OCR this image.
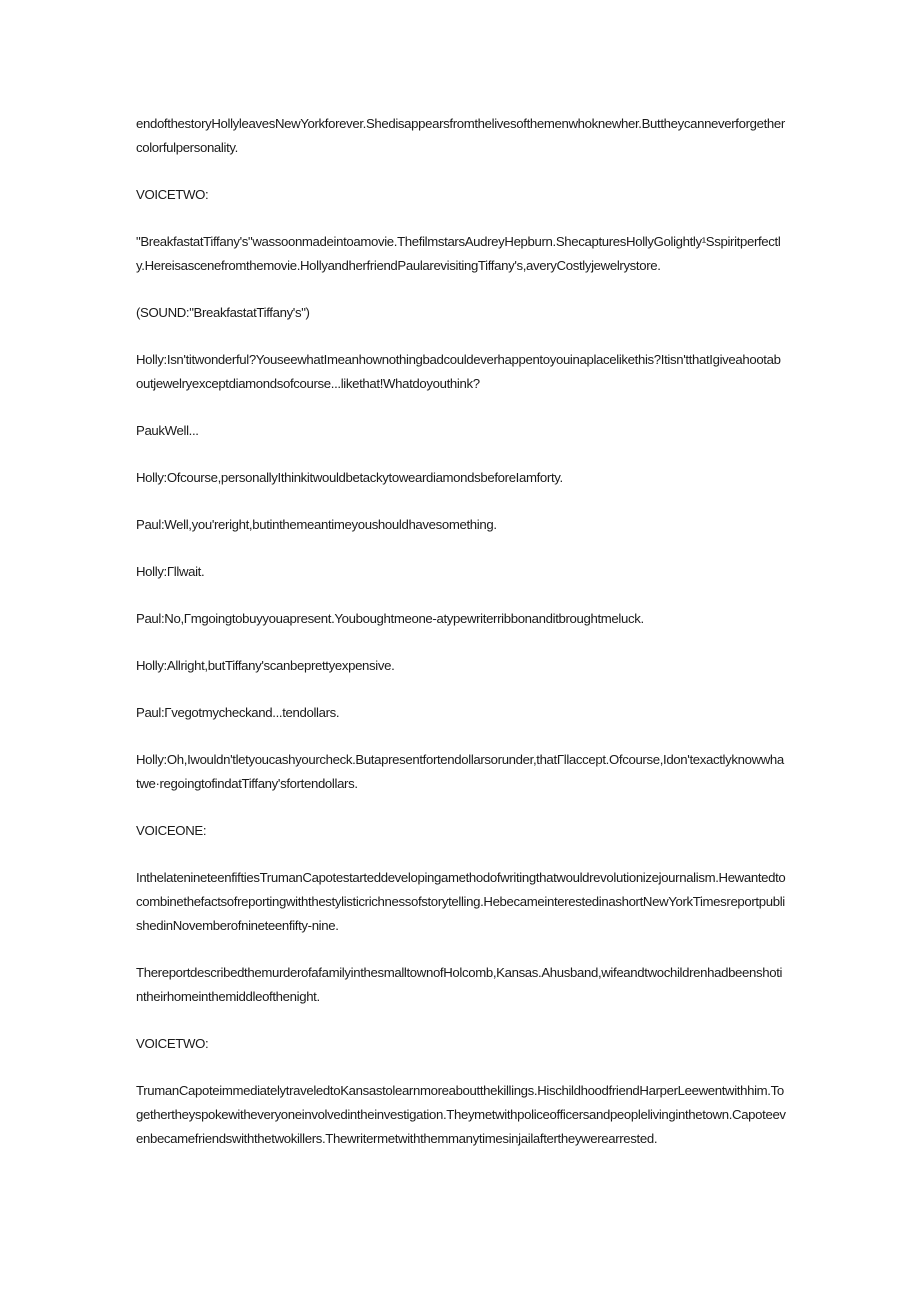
endofthestoryHollyleavesNewYorkforever.Shedisappearsfromthelivesofthemenwhoknewher.Buttheycanneverforgethercolorfulpersonality.

VOICETWO:

"BreakfastatTiffany's"wassoonmadeintoamovie.ThefilmstarsAudreyHepburn.ShecapturesHollyGolightly¹Sspiritperfectly.Hereisascenefromthemovie.HollyandherfriendPaularevisitingTiffany's,averyCostlyjewelrystore.

(SOUND:"BreakfastatTiffany's")

Holly:Isn'titwonderful?YouseewhatImeanhownothingbadcouldeverhappentoyouinaplacelikethis?Itisn'tthatIgiveahootaboutjewelryexceptdiamondsofcourse...likethat!Whatdoyouthink?

PaukWell...

Holly:Ofcourse,personallyIthinkitwouldbetackytoweardiamondsbeforeIamforty.

Paul:Well,you'reright,butinthemeantimeyoushouldhavesomething.

Holly:Γllwait.

Paul:No,Γmgoingtobuyyouapresent.Youboughtmeone-atypewriterribbonanditbroughtmeluck.

Holly:Allright,butTiffany'scanbeprettyexpensive.

Paul:Γvegotmycheckand...tendollars.

Holly:Oh,Iwouldn'tletyoucashyourcheck.Butapresentfortendollarsorunder,thatΓllaccept.Ofcourse,Idon'texactlyknowwhatwe·regoingtofindatTiffany'sfortendollars.

VOICEONE:

InthelatenineteenfiftiesTrumanCapotestarteddevelopingamethodofwritingthatwouldrevolutionizejournalism.Hewantedtocombinethefactsofreportingwiththestylisticrichnessofstorytelling.HebecameinterestedinashortNewYorkTimesreportpublishedinNovemberofnineteenfifty-nine.

ThereportdescribedthemurderofafamilyinthesmalltownofHolcomb,Kansas.Ahusband,wifeandtwochildrenhadbeenshotintheirhomeinthemiddleofthenight.

VOICETWO:

TrumanCapoteimmediatelytraveledtoKansastolearnmoreaboutthekillings.HischildhoodfriendHarperLeewentwithhim.Togethertheyspokewitheveryoneinvolvedintheinvestigation.Theymetwithpoliceofficersandpeoplelivinginthetown.Capoteevenbecamefriendswiththetwokillers.Thewritermetwiththemmanytimesinjailaftertheywerearrested.
